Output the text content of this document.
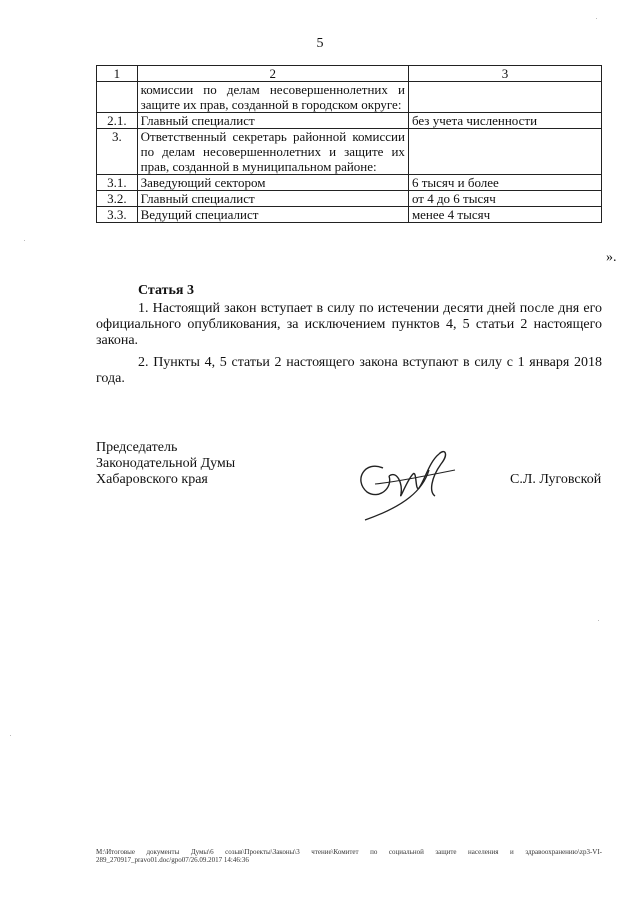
5
1	2	3
	комиссии по делам несовершеннолетних и защите их прав, созданной в городском округе:	
2.1.	Главный специалист	без учета численности
3.	Ответственный секретарь районной комиссии по делам несовершеннолетних и защите их прав, созданной в муниципальном районе:	
3.1.	Заведующий сектором	6 тысяч и более
3.2.	Главный специалист	от 4 до 6 тысяч
3.3.	Ведущий специалист	менее 4 тысяч
».
Статья 3

1. Настоящий закон вступает в силу по истечении десяти дней после дня его официального опубликования, за исключением пунктов 4, 5 статьи 2 настоящего закона.

2. Пункты 4, 5 статьи 2 настоящего закона вступают в силу с 1 января 2018 года.

Председатель
Законодательной Думы
Хабаровского края	С.Л. Луговской
М:\Итоговые документы Думы\6 созыв\Проекты\Законы\3 чтение\Комитет по социальной защите населения и здравоохранению\zp3-VI-289_270917_pravo01.doc/gpo07/26.09.2017 14:46:36
